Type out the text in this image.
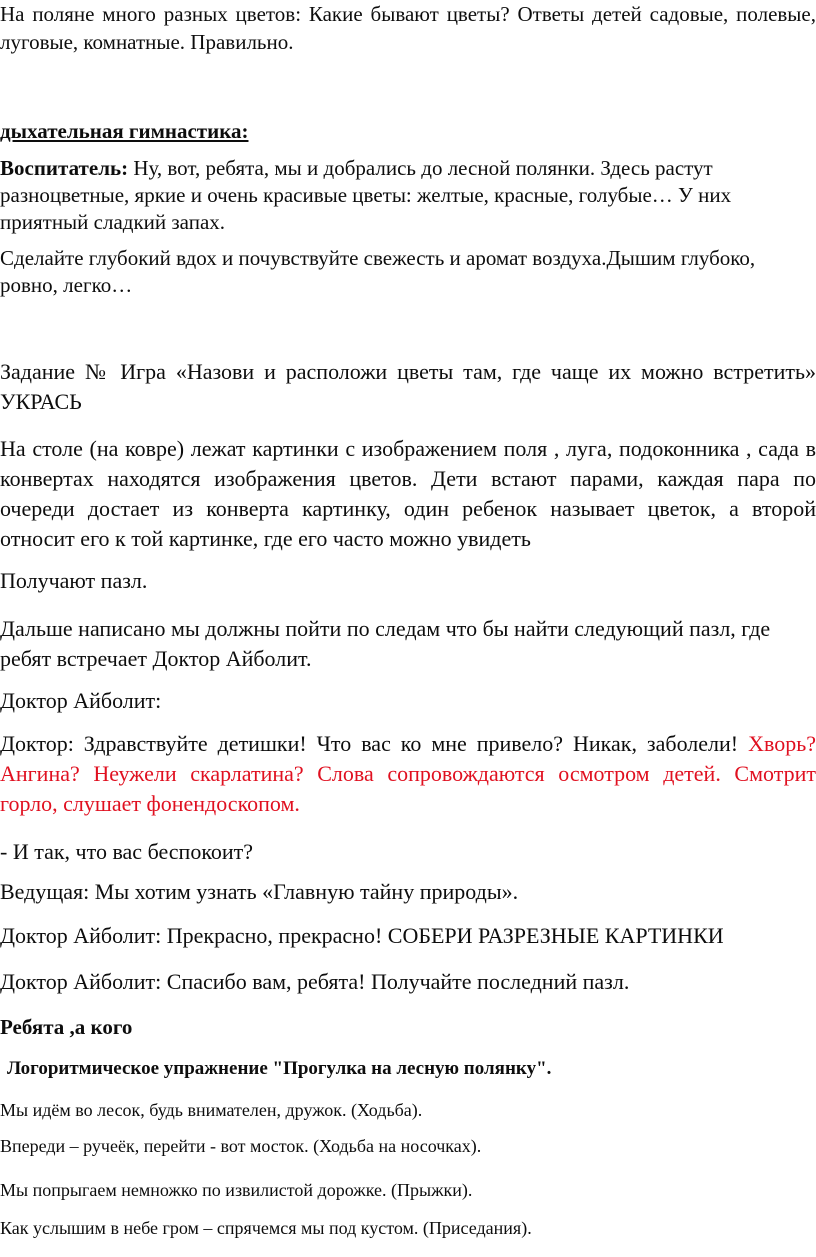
На поляне много разных цветов: Какие бывают цветы? Ответы детей садовые, полевые, луговые, комнатные. Правильно.

дыхательная гимнастика:

Воспитатель: Ну, вот, ребята, мы и добрались до лесной полянки. Здесь растут разноцветные, яркие и очень красивые цветы: желтые, красные, голубые… У них приятный сладкий запах.

Сделайте глубокий вдох и почувствуйте свежесть и аромат воздуха.Дышим глубоко, ровно, легко…

Задание № Игра «Назови и расположи цветы там, где чаще их можно встретить» УКРАСЬ

На столе (на ковре) лежат картинки с изображением поля , луга, подоконника , сада в конвертах находятся изображения цветов. Дети встают парами, каждая пара по очереди достает из конверта картинку, один ребенок называет цветок, а второй относит его к той картинке, где его часто можно увидеть

Получают пазл.

Дальше написано мы должны пойти по следам что бы найти следующий пазл, где ребят встречает Доктор Айболит.

Доктор Айболит:

Доктор: Здравствуйте детишки! Что вас ко мне привело? Никак, заболели! Хворь? Ангина? Неужели скарлатина? Слова сопровождаются осмотром детей. Смотрит горло, слушает фонендоскопом.

- И так, что вас беспокоит?

Ведущая: Мы хотим узнать «Главную тайну природы».

Доктор Айболит: Прекрасно, прекрасно! СОБЕРИ РАЗРЕЗНЫЕ КАРТИНКИ

Доктор Айболит: Спасибо вам, ребята! Получайте последний пазл.

Ребята ,а кого

Логоритмическое упражнение "Прогулка на лесную полянку".

Мы идём во лесок, будь внимателен, дружок. (Ходьба).

Впереди – ручеёк, перейти - вот мосток. (Ходьба на носочках).

Мы попрыгаем немножко по извилистой дорожке. (Прыжки).

Как услышим в небе гром – спрячемся мы под кустом. (Приседания).
